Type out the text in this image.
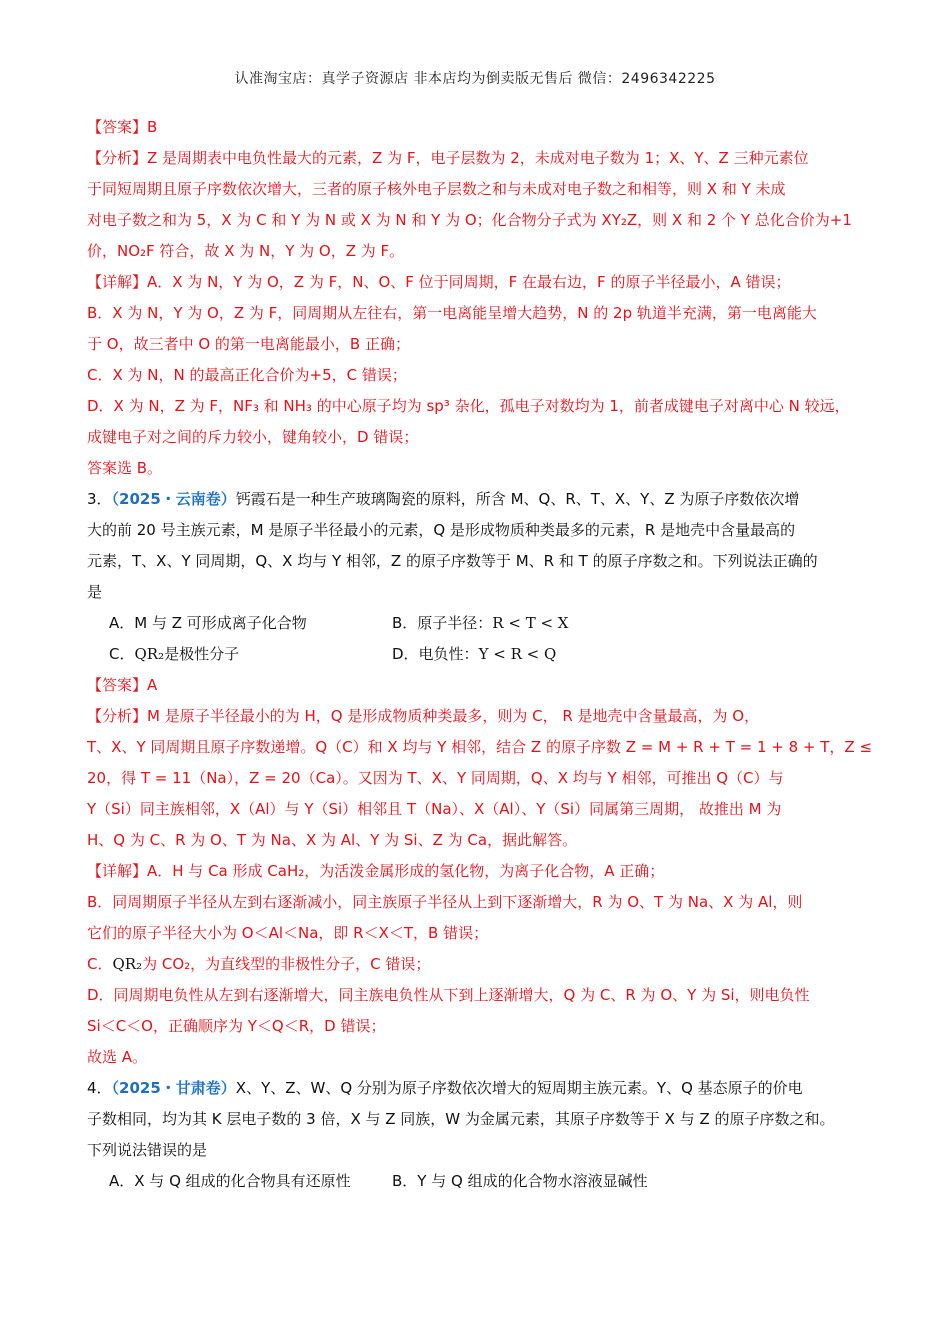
认准淘宝店：真学子资源店 非本店均为倒卖版无售后 微信：2496342225
【答案】B
【分析】Z 是周期表中电负性最大的元素，Z 为 F，电子层数为 2，未成对电子数为 1；X、Y、Z 三种元素位
于同短周期且原子序数依次增大，三者的原子核外电子层数之和与未成对电子数之和相等，则 X 和 Y 未成
对电子数之和为 5，X 为 C 和 Y 为 N 或 X 为 N 和 Y 为 O；化合物分子式为 XY₂Z，则 X 和 2 个 Y 总化合价为+1
价，NO₂F 符合，故 X 为 N，Y 为 O，Z 为 F。
【详解】A．X 为 N，Y 为 O，Z 为 F，N、O、F 位于同周期，F 在最右边，F 的原子半径最小，A 错误；
B．X 为 N，Y 为 O，Z 为 F，同周期从左往右，第一电离能呈增大趋势，N 的 2p 轨道半充满，第一电离能大
于 O，故三者中 O 的第一电离能最小，B 正确；
C．X 为 N，N 的最高正化合价为+5，C 错误；
D．X 为 N，Z 为 F，NF₃ 和 NH₃ 的中心原子均为 sp³ 杂化，孤电子对数均为 1，前者成键电子对离中心 N 较远，
成键电子对之间的斥力较小，键角较小，D 错误；
答案选 B。
3．（2025・云南卷）钙霞石是一种生产玻璃陶瓷的原料，所含 M、Q、R、T、X、Y、Z 为原子序数依次增
大的前 20 号主族元素，M 是原子半径最小的元素，Q 是形成物质种类最多的元素，R 是地壳中含量最高的
元素，T、X、Y 同周期，Q、X 均与 Y 相邻，Z 的原子序数等于 M、R 和 T 的原子序数之和。下列说法正确的
是
A．M 与 Z 可形成离子化合物	B．原子半径：R < T < X
C．QR₂是极性分子	D．电负性：Y < R < Q
【答案】A
【分析】M 是原子半径最小的为 H，Q 是形成物质种类最多，则为 C， R 是地壳中含量最高，为 O，
T、X、Y 同周期且原子序数递增。Q（C）和 X 均与 Y 相邻，结合 Z 的原子序数 Z = M + R + T = 1 + 8 + T，Z ≤
20，得 T = 11（Na），Z = 20（Ca）。又因为 T、X、Y 同周期，Q、X 均与 Y 相邻，可推出 Q（C）与
Y（Si）同主族相邻，X（Al）与 Y（Si）相邻且 T（Na）、X（Al）、Y（Si）同属第三周期， 故推出 M 为
H、Q 为 C、R 为 O、T 为 Na、X 为 Al、Y 为 Si、Z 为 Ca，据此解答。
【详解】A．H 与 Ca 形成 CaH₂，为活泼金属形成的氢化物，为离子化合物，A 正确；
B．同周期原子半径从左到右逐渐减小，同主族原子半径从上到下逐渐增大，R 为 O、T 为 Na、X 为 Al，则
它们的原子半径大小为 O＜Al＜Na，即 R＜X＜T，B 错误；
C．QR₂为 CO₂，为直线型的非极性分子，C 错误；
D．同周期电负性从左到右逐渐增大，同主族电负性从下到上逐渐增大，Q 为 C、R 为 O、Y 为 Si，则电负性
Si＜C＜O，正确顺序为 Y＜Q＜R，D 错误；
故选 A。
4．（2025・甘肃卷）X、Y、Z、W、Q 分别为原子序数依次增大的短周期主族元素。Y、Q 基态原子的价电
子数相同，均为其 K 层电子数的 3 倍，X 与 Z 同族，W 为金属元素，其原子序数等于 X 与 Z 的原子序数之和。
下列说法错误的是
A．X 与 Q 组成的化合物具有还原性	B．Y 与 Q 组成的化合物水溶液显碱性
